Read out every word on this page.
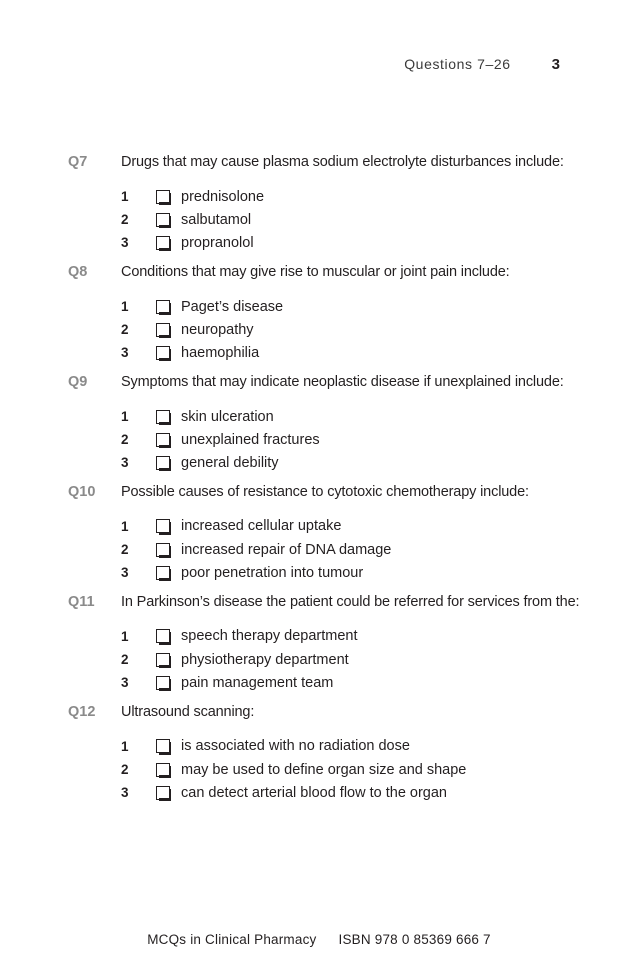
Questions 7–26	3
Q7	Drugs that may cause plasma sodium electrolyte disturbances include:
1	prednisolone
2	salbutamol
3	propranolol
Q8	Conditions that may give rise to muscular or joint pain include:
1	Paget’s disease
2	neuropathy
3	haemophilia
Q9	Symptoms that may indicate neoplastic disease if unexplained include:
1	skin ulceration
2	unexplained fractures
3	general debility
Q10	Possible causes of resistance to cytotoxic chemotherapy include:
1	increased cellular uptake
2	increased repair of DNA damage
3	poor penetration into tumour
Q11	In Parkinson’s disease the patient could be referred for services from the:
1	speech therapy department
2	physiotherapy department
3	pain management team
Q12	Ultrasound scanning:
1	is associated with no radiation dose
2	may be used to define organ size and shape
3	can detect arterial blood flow to the organ
MCQs in Clinical Pharmacy ISBN 978 0 85369 666 7
